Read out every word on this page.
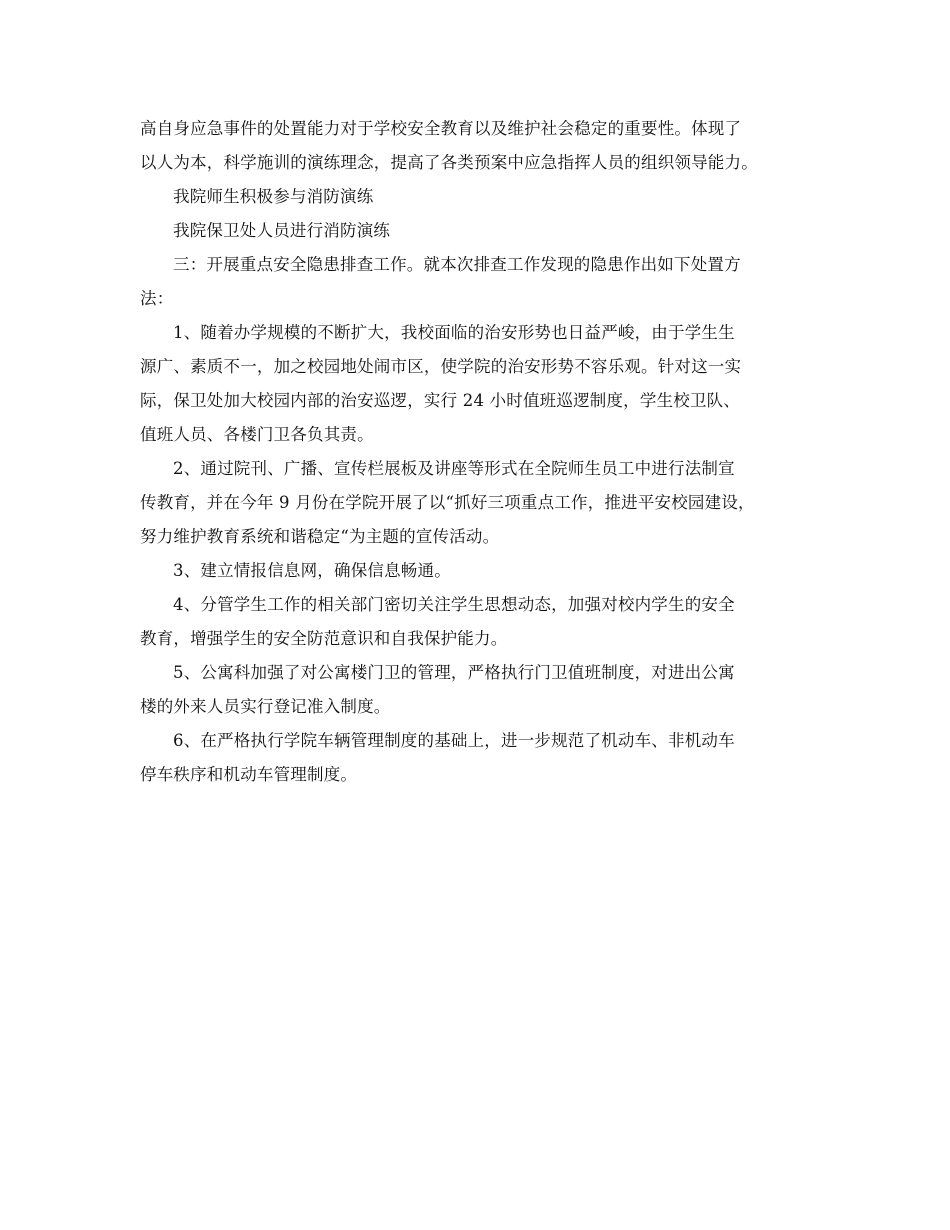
高自身应急事件的处置能力对于学校安全教育以及维护社会稳定的重要性。体现了
以人为本，科学施训的演练理念，提高了各类预案中应急指挥人员的组织领导能力。

我院师生积极参与消防演练

我院保卫处人员进行消防演练

三：开展重点安全隐患排查工作。就本次排查工作发现的隐患作出如下处置方
法：

1、随着办学规模的不断扩大，我校面临的治安形势也日益严峻，由于学生生
源广、素质不一，加之校园地处闹市区，使学院的治安形势不容乐观。针对这一实
际，保卫处加大校园内部的治安巡逻，实行 24 小时值班巡逻制度，学生校卫队、
值班人员、各楼门卫各负其责。

2、通过院刊、广播、宣传栏展板及讲座等形式在全院师生员工中进行法制宣
传教育，并在今年 9 月份在学院开展了以“抓好三项重点工作，推进平安校园建设，
努力维护教育系统和谐稳定“为主题的宣传活动。

3、建立情报信息网，确保信息畅通。

4、分管学生工作的相关部门密切关注学生思想动态，加强对校内学生的安全
教育，增强学生的安全防范意识和自我保护能力。

5、公寓科加强了对公寓楼门卫的管理，严格执行门卫值班制度，对进出公寓
楼的外来人员实行登记准入制度。

6、在严格执行学院车辆管理制度的基础上，进一步规范了机动车、非机动车
停车秩序和机动车管理制度。
